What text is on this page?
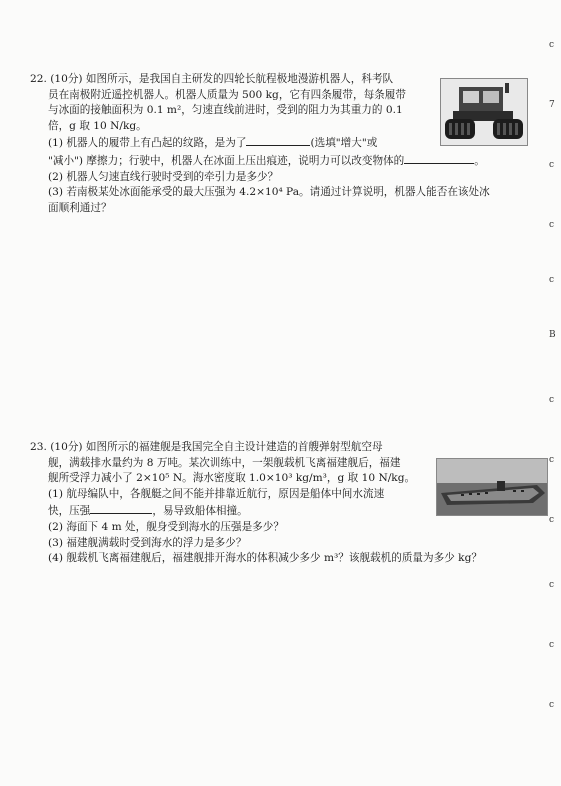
22. (10分) 如图所示，是我国自主研发的四轮长航程极地漫游机器人，科考队
员在南极附近遥控机器人。机器人质量为 500 kg，它有四条履带，每条履带
与冰面的接触面积为 0.1 m²，匀速直线前进时，受到的阻力为其重力的 0.1
倍，g 取 10 N/kg。
(1) 机器人的履带上有凸起的纹路，是为了	(选填"增大"或
"减小") 摩擦力；行驶中，机器人在冰面上压出痕迹，说明力可以改变物体的	。
(2) 机器人匀速直线行驶时受到的牵引力是多少？
(3) 若南极某处冰面能承受的最大压强为 4.2×10⁴ Pa。请通过计算说明，机器人能否在该处冰
面顺利通过？
23. (10分) 如图所示的福建舰是我国完全自主设计建造的首艘弹射型航空母
舰，满载排水量约为 8 万吨。某次训练中，一架舰载机飞离福建舰后，福建
舰所受浮力减小了 2×10⁵ N。海水密度取 1.0×10³ kg/m³，g 取 10 N/kg。
(1) 航母编队中，各舰艇之间不能并排靠近航行，原因是船体中间水流速
快，压强	，易导致船体相撞。
(2) 海面下 4 m 处，舰身受到海水的压强是多少？
(3) 福建舰满载时受到海水的浮力是多少？
(4) 舰载机飞离福建舰后，福建舰排开海水的体积减少多少 m³？该舰载机的质量为多少 kg？
c
7
c
c
c
B
c
c
c
c
c
c
